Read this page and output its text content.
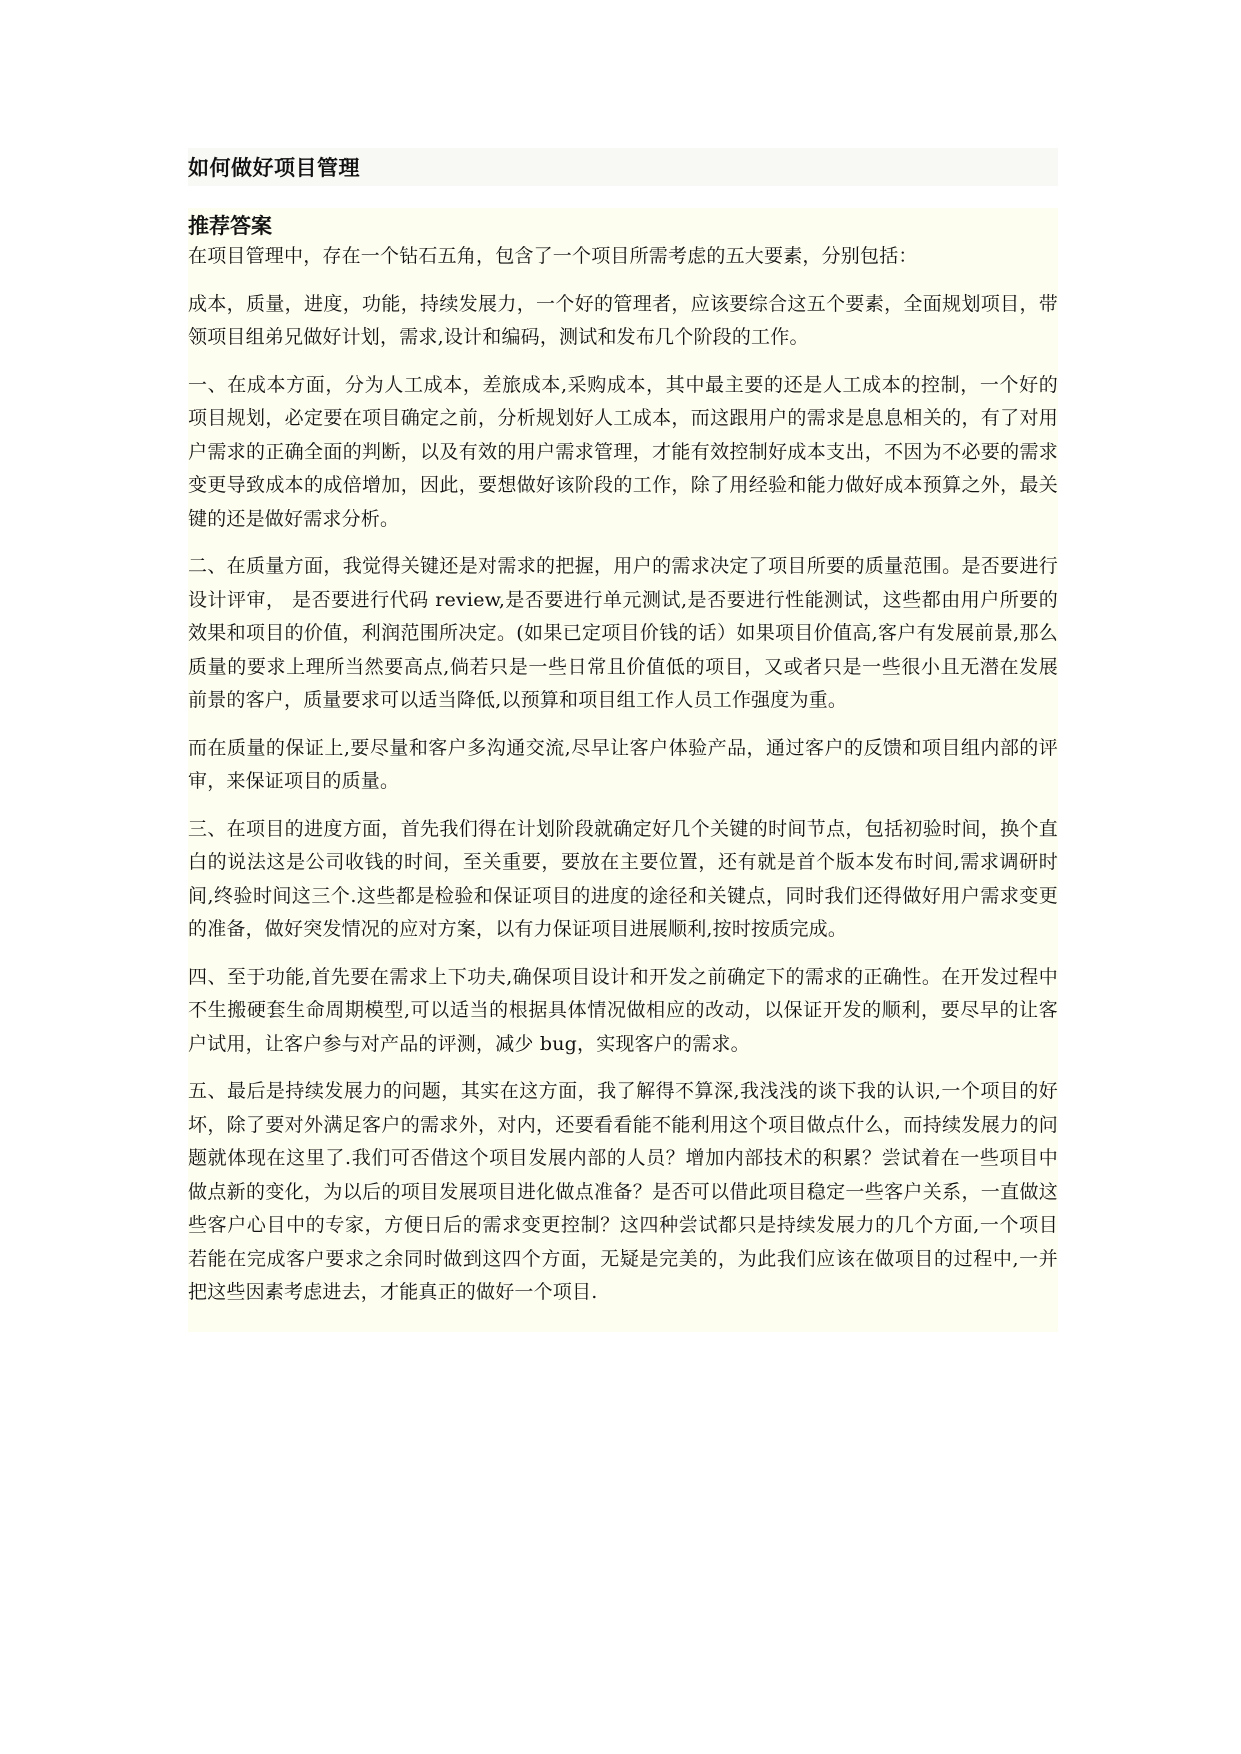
如何做好项目管理
推荐答案

在项目管理中，存在一个钻石五角，包含了一个项目所需考虑的五大要素，分别包括：

成本，质量，进度，功能，持续发展力，一个好的管理者，应该要综合这五个要素，全面规划项目，带领项目组弟兄做好计划，需求,设计和编码，测试和发布几个阶段的工作。

一、在成本方面，分为人工成本，差旅成本,采购成本，其中最主要的还是人工成本的控制，一个好的项目规划，必定要在项目确定之前，分析规划好人工成本，而这跟用户的需求是息息相关的，有了对用户需求的正确全面的判断，以及有效的用户需求管理，才能有效控制好成本支出，不因为不必要的需求变更导致成本的成倍增加，因此，要想做好该阶段的工作，除了用经验和能力做好成本预算之外，最关键的还是做好需求分析。

二、在质量方面，我觉得关键还是对需求的把握，用户的需求决定了项目所要的质量范围。是否要进行设计评审， 是否要进行代码 review,是否要进行单元测试,是否要进行性能测试，这些都由用户所要的效果和项目的价值，利润范围所决定。(如果已定项目价钱的话）如果项目价值高,客户有发展前景,那么质量的要求上理所当然要高点,倘若只是一些日常且价值低的项目，又或者只是一些很小且无潜在发展前景的客户，质量要求可以适当降低,以预算和项目组工作人员工作强度为重。

而在质量的保证上,要尽量和客户多沟通交流,尽早让客户体验产品，通过客户的反馈和项目组内部的评审，来保证项目的质量。

三、在项目的进度方面，首先我们得在计划阶段就确定好几个关键的时间节点，包括初验时间，换个直白的说法这是公司收钱的时间，至关重要，要放在主要位置，还有就是首个版本发布时间,需求调研时间,终验时间这三个.这些都是检验和保证项目的进度的途径和关键点，同时我们还得做好用户需求变更的准备，做好突发情况的应对方案，以有力保证项目进展顺利,按时按质完成。

四、至于功能,首先要在需求上下功夫,确保项目设计和开发之前确定下的需求的正确性。在开发过程中不生搬硬套生命周期模型,可以适当的根据具体情况做相应的改动，以保证开发的顺利，要尽早的让客户试用，让客户参与对产品的评测，减少 bug，实现客户的需求。

五、最后是持续发展力的问题，其实在这方面，我了解得不算深,我浅浅的谈下我的认识,一个项目的好坏，除了要对外满足客户的需求外，对内，还要看看能不能利用这个项目做点什么，而持续发展力的问题就体现在这里了.我们可否借这个项目发展内部的人员？增加内部技术的积累？尝试着在一些项目中做点新的变化，为以后的项目发展项目进化做点准备？是否可以借此项目稳定一些客户关系，一直做这些客户心目中的专家，方便日后的需求变更控制？这四种尝试都只是持续发展力的几个方面,一个项目若能在完成客户要求之余同时做到这四个方面，无疑是完美的，为此我们应该在做项目的过程中,一并把这些因素考虑进去，才能真正的做好一个项目.
